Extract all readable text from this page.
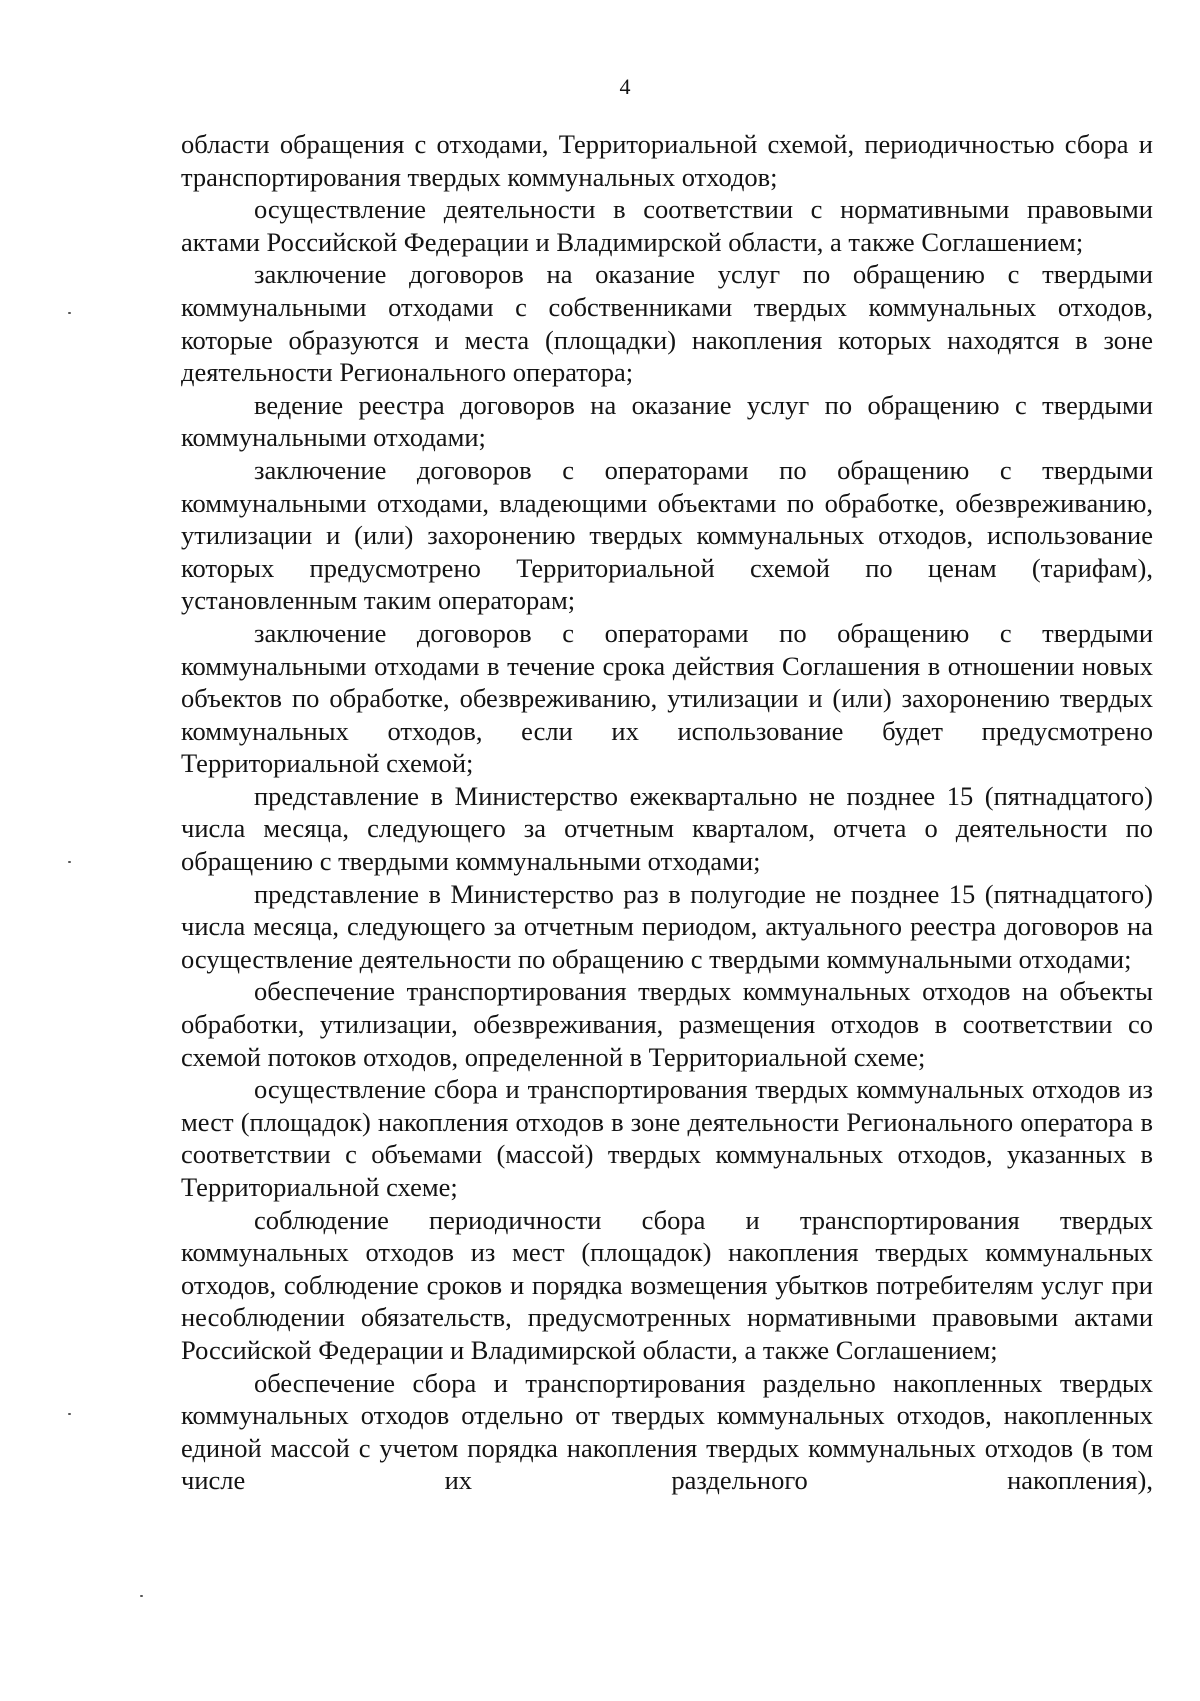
4

области обращения с отходами, Территориальной схемой, периодичностью сбора и транспортирования твердых коммунальных отходов;

осуществление деятельности в соответствии с нормативными правовыми актами Российской Федерации и Владимирской области, а также Соглашением;

заключение договоров на оказание услуг по обращению с твердыми коммунальными отходами с собственниками твердых коммунальных отходов, которые образуются и места (площадки) накопления которых находятся в зоне деятельности Регионального оператора;

ведение реестра договоров на оказание услуг по обращению с твердыми коммунальными отходами;

заключение договоров с операторами по обращению с твердыми коммунальными отходами, владеющими объектами по обработке, обезвреживанию, утилизации и (или) захоронению твердых коммунальных отходов, использование которых предусмотрено Территориальной схемой по ценам (тарифам), установленным таким операторам;

заключение договоров с операторами по обращению с твердыми коммунальными отходами в течение срока действия Соглашения в отношении новых объектов по обработке, обезвреживанию, утилизации и (или) захоронению твердых коммунальных отходов, если их использование будет предусмотрено Территориальной схемой;

представление в Министерство ежеквартально не позднее 15 (пятнадцатого) числа месяца, следующего за отчетным кварталом, отчета о деятельности по обращению с твердыми коммунальными отходами;

представление в Министерство раз в полугодие не позднее 15 (пятнадцатого) числа месяца, следующего за отчетным периодом, актуального реестра договоров на осуществление деятельности по обращению с твердыми коммунальными отходами;

обеспечение транспортирования твердых коммунальных отходов на объекты обработки, утилизации, обезвреживания, размещения отходов в соответствии со схемой потоков отходов, определенной в Территориальной схеме;

осуществление сбора и транспортирования твердых коммунальных отходов из мест (площадок) накопления отходов в зоне деятельности Регионального оператора в соответствии с объемами (массой) твердых коммунальных отходов, указанных в Территориальной схеме;

соблюдение периодичности сбора и транспортирования твердых коммунальных отходов из мест (площадок) накопления твердых коммунальных отходов, соблюдение сроков и порядка возмещения убытков потребителям услуг при несоблюдении обязательств, предусмотренных нормативными правовыми актами Российской Федерации и Владимирской области, а также Соглашением;

обеспечение сбора и транспортирования раздельно накопленных твердых коммунальных отходов отдельно от твердых коммунальных отходов, накопленных единой массой с учетом порядка накопления твердых коммунальных отходов (в том числе их раздельного накопления),
